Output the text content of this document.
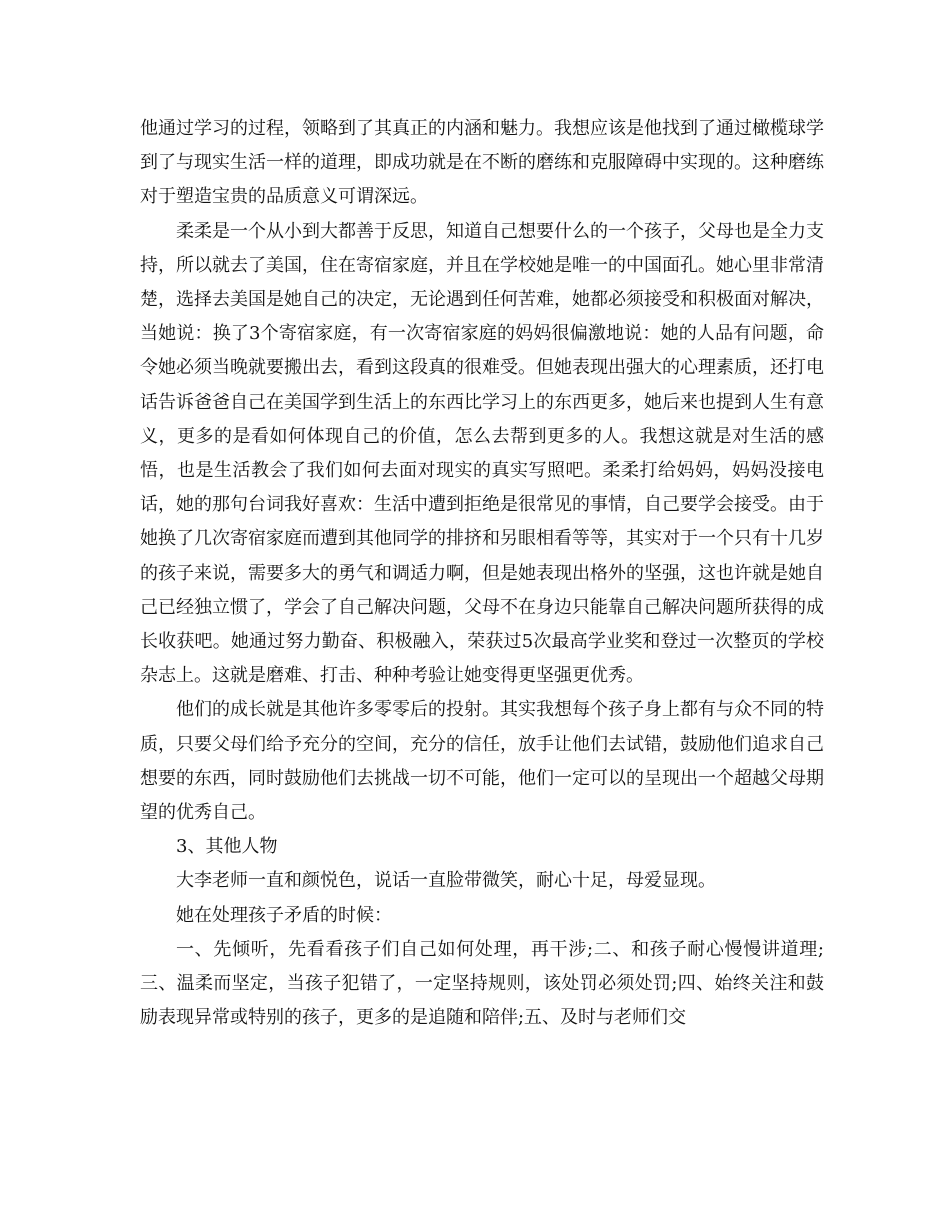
他通过学习的过程，领略到了其真正的内涵和魅力。我想应该是他找到了通过橄榄球学到了与现实生活一样的道理，即成功就是在不断的磨练和克服障碍中实现的。这种磨练对于塑造宝贵的品质意义可谓深远。

柔柔是一个从小到大都善于反思，知道自己想要什么的一个孩子，父母也是全力支持，所以就去了美国，住在寄宿家庭，并且在学校她是唯一的中国面孔。她心里非常清楚，选择去美国是她自己的决定，无论遇到任何苦难，她都必须接受和积极面对解决，当她说：换了3个寄宿家庭，有一次寄宿家庭的妈妈很偏激地说：她的人品有问题，命令她必须当晚就要搬出去，看到这段真的很难受。但她表现出强大的心理素质，还打电话告诉爸爸自己在美国学到生活上的东西比学习上的东西更多，她后来也提到人生有意义，更多的是看如何体现自己的价值，怎么去帮到更多的人。我想这就是对生活的感悟，也是生活教会了我们如何去面对现实的真实写照吧。柔柔打给妈妈，妈妈没接电话，她的那句台词我好喜欢：生活中遭到拒绝是很常见的事情，自己要学会接受。由于她换了几次寄宿家庭而遭到其他同学的排挤和另眼相看等等，其实对于一个只有十几岁的孩子来说，需要多大的勇气和调适力啊，但是她表现出格外的坚强，这也许就是她自己已经独立惯了，学会了自己解决问题，父母不在身边只能靠自己解决问题所获得的成长收获吧。她通过努力勤奋、积极融入，荣获过5次最高学业奖和登过一次整页的学校杂志上。这就是磨难、打击、种种考验让她变得更坚强更优秀。

他们的成长就是其他许多零零后的投射。其实我想每个孩子身上都有与众不同的特质，只要父母们给予充分的空间，充分的信任，放手让他们去试错，鼓励他们追求自己想要的东西，同时鼓励他们去挑战一切不可能，他们一定可以的呈现出一个超越父母期望的优秀自己。

3、其他人物

大李老师一直和颜悦色，说话一直脸带微笑，耐心十足，母爱显现。

她在处理孩子矛盾的时候：

一、先倾听，先看看孩子们自己如何处理，再干涉;二、和孩子耐心慢慢讲道理;三、温柔而坚定，当孩子犯错了，一定坚持规则，该处罚必须处罚;四、始终关注和鼓励表现异常或特别的孩子，更多的是追随和陪伴;五、及时与老师们交
